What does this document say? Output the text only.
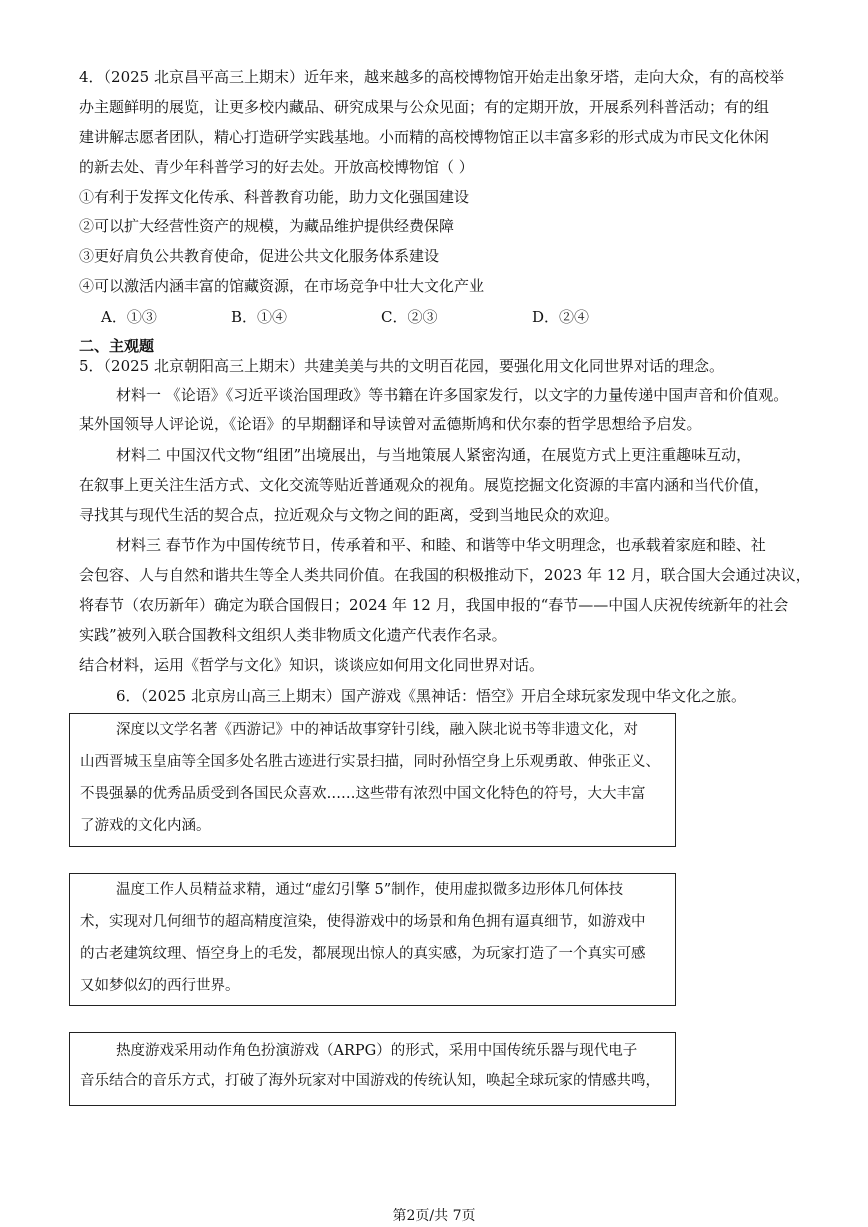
4．（2025 北京昌平高三上期末）近年来，越来越多的高校博物馆开始走出象牙塔，走向大众，有的高校举
办主题鲜明的展览，让更多校内藏品、研究成果与公众见面；有的定期开放，开展系列科普活动；有的组
建讲解志愿者团队，精心打造研学实践基地。小而精的高校博物馆正以丰富多彩的形式成为市民文化休闲
的新去处、青少年科普学习的好去处。开放高校博物馆（ ）
①有利于发挥文化传承、科普教育功能，助力文化强国建设
②可以扩大经营性资产的规模，为藏品维护提供经费保障
③更好肩负公共教育使命，促进公共文化服务体系建设
④可以激活内涵丰富的馆藏资源，在市场竞争中壮大文化产业
A．①③	B．①④	C．②③	D．②④
二、主观题
5．（2025 北京朝阳高三上期末）共建美美与共的文明百花园，要强化用文化同世界对话的理念。
材料一 《论语》《习近平谈治国理政》等书籍在许多国家发行，以文字的力量传递中国声音和价值观。
某外国领导人评论说，《论语》的早期翻译和导读曾对孟德斯鸠和伏尔泰的哲学思想给予启发。
材料二 中国汉代文物“组团”出境展出，与当地策展人紧密沟通，在展览方式上更注重趣味互动，
在叙事上更关注生活方式、文化交流等贴近普通观众的视角。展览挖掘文化资源的丰富内涵和当代价值，
寻找其与现代生活的契合点，拉近观众与文物之间的距离，受到当地民众的欢迎。
材料三 春节作为中国传统节日，传承着和平、和睦、和谐等中华文明理念，也承载着家庭和睦、社
会包容、人与自然和谐共生等全人类共同价值。在我国的积极推动下，2023 年 12 月，联合国大会通过决议，
将春节（农历新年）确定为联合国假日；2024 年 12 月，我国申报的“春节——中国人庆祝传统新年的社会
实践”被列入联合国教科文组织人类非物质文化遗产代表作名录。
结合材料，运用《哲学与文化》知识，谈谈应如何用文化同世界对话。
6．（2025 北京房山高三上期末）国产游戏《黑神话：悟空》开启全球玩家发现中华文化之旅。
深度以文学名著《西游记》中的神话故事穿针引线，融入陕北说书等非遗文化，对
山西晋城玉皇庙等全国多处名胜古迹进行实景扫描，同时孙悟空身上乐观勇敢、伸张正义、
不畏强暴的优秀品质受到各国民众喜欢……这些带有浓烈中国文化特色的符号，大大丰富
了游戏的文化内涵。
温度工作人员精益求精，通过“虚幻引擎 5”制作，使用虚拟微多边形体几何体技
术，实现对几何细节的超高精度渲染，使得游戏中的场景和角色拥有逼真细节，如游戏中
的古老建筑纹理、悟空身上的毛发，都展现出惊人的真实感，为玩家打造了一个真实可感
又如梦似幻的西行世界。
热度游戏采用动作角色扮演游戏（ARPG）的形式，采用中国传统乐器与现代电子
音乐结合的音乐方式，打破了海外玩家对中国游戏的传统认知，唤起全球玩家的情感共鸣，
第2页/共 7页
